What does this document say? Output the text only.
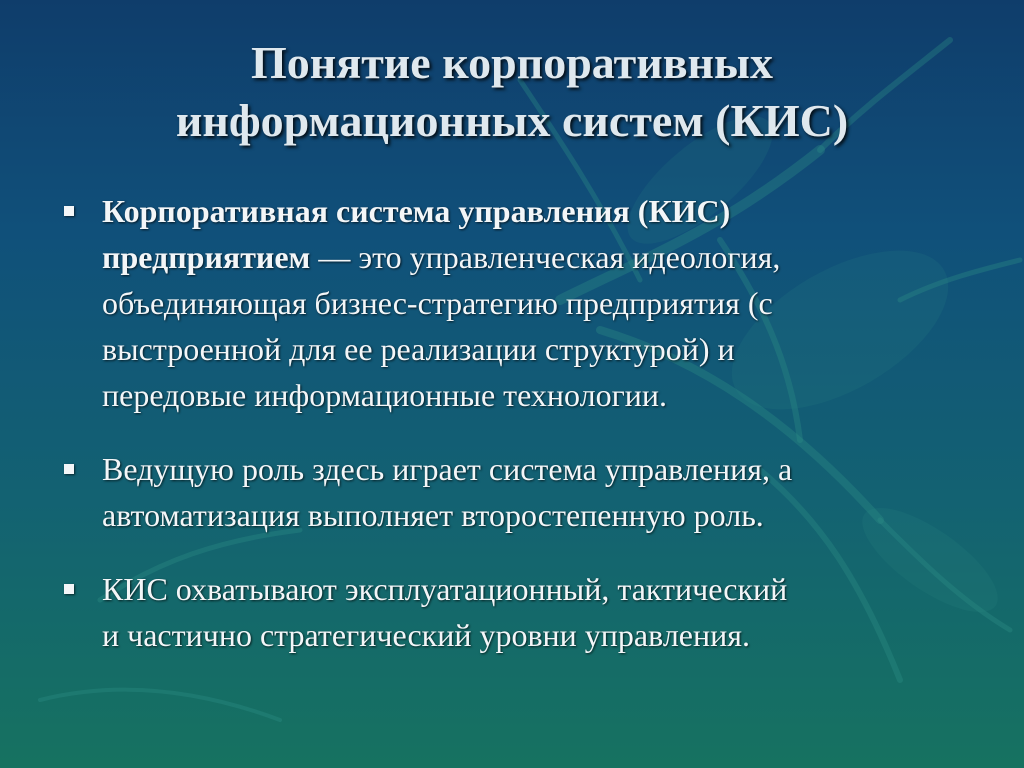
Понятие корпоративных
информационных систем (КИС)
Корпоративная система управления (КИС)
предприятием — это управленческая идеология,
объединяющая бизнес-стратегию предприятия (с
выстроенной для ее реализации структурой) и
передовые информационные технологии.
Ведущую роль здесь играет система управления, а
автоматизация выполняет второстепенную роль.
КИС охватывают эксплуатационный, тактический
и частично стратегический уровни управления.
